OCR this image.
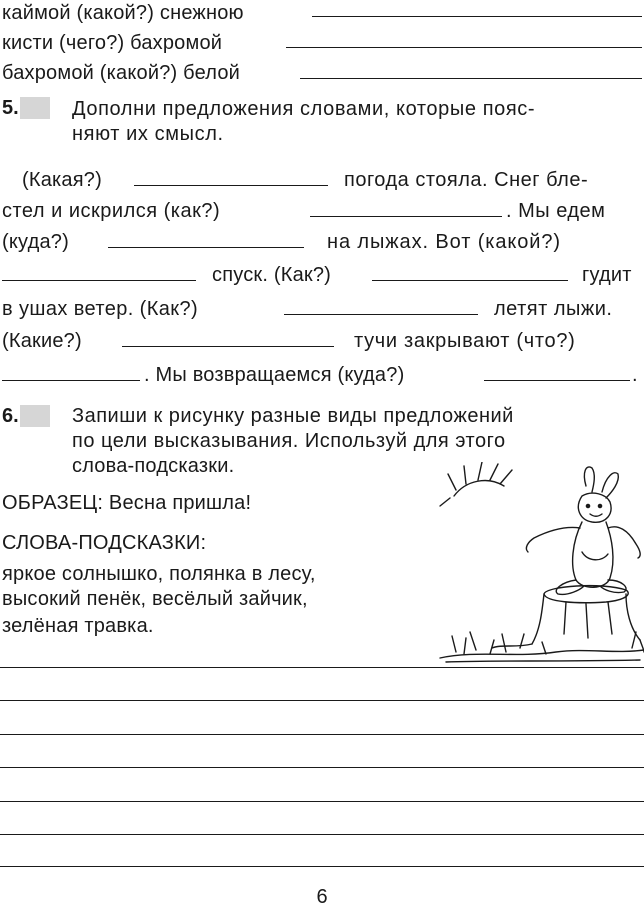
каймой (какой?) снежною
кисти (чего?) бахромой
бахромой (какой?) белой
5.	Дополни предложения словами, которые пояс-
няют их смысл.
(Какая?)	погода стояла. Снег бле-
стел и искрился (как?)	. Мы едем
(куда?)	на лыжах. Вот (какой?)
спуск. (Как?)	гудит
в ушах ветер. (Как?)	летят лыжи.
(Какие?)	тучи закрывают (что?)
. Мы возвращаемся (куда?)	.
6.	Запиши к рисунку разные виды предложений
по цели высказывания. Используй для этого
слова-подсказки.
ОБРАЗЕЦ: Весна пришла!
СЛОВА-ПОДСКАЗКИ:
яркое солнышко, полянка в лесу,
высокий пенёк, весёлый зайчик,
зелёная травка.
6
